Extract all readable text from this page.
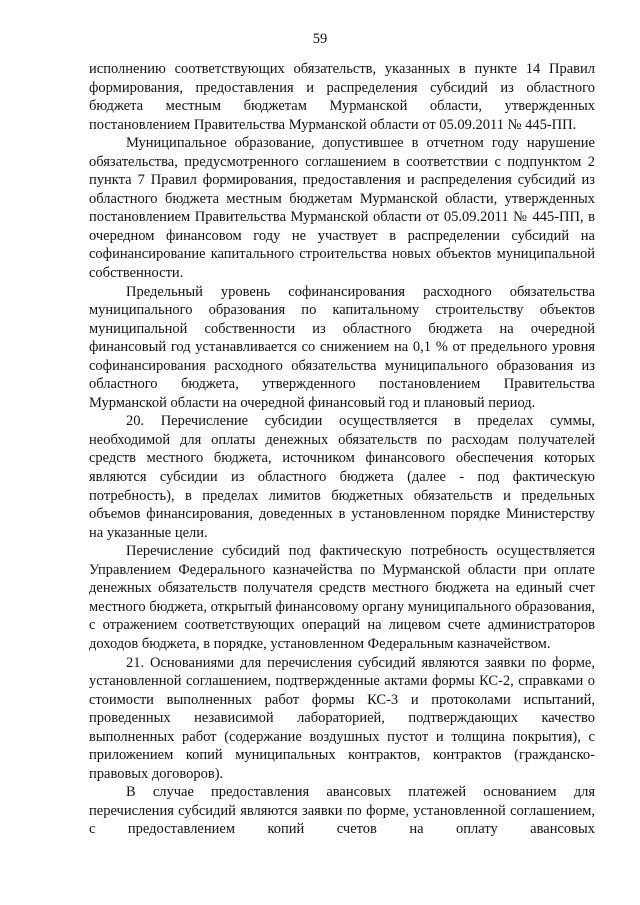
59

исполнению соответствующих обязательств, указанных в пункте 14 Правил формирования, предоставления и распределения субсидий из областного бюджета местным бюджетам Мурманской области, утвержденных постановлением Правительства Мурманской области от 05.09.2011 № 445-ПП.

Муниципальное образование, допустившее в отчетном году нарушение обязательства, предусмотренного соглашением в соответствии с подпунктом 2 пункта 7 Правил формирования, предоставления и распределения субсидий из областного бюджета местным бюджетам Мурманской области, утвержденных постановлением Правительства Мурманской области от 05.09.2011 № 445-ПП, в очередном финансовом году не участвует в распределении субсидий на софинансирование капитального строительства новых объектов муниципальной собственности.

Предельный уровень софинансирования расходного обязательства муниципального образования по капитальному строительству объектов муниципальной собственности из областного бюджета на очередной финансовый год устанавливается со снижением на 0,1 % от предельного уровня софинансирования расходного обязательства муниципального образования из областного бюджета, утвержденного постановлением Правительства Мурманской области на очередной финансовый год и плановый период.

20. Перечисление субсидии осуществляется в пределах суммы, необходимой для оплаты денежных обязательств по расходам получателей средств местного бюджета, источником финансового обеспечения которых являются субсидии из областного бюджета (далее - под фактическую потребность), в пределах лимитов бюджетных обязательств и предельных объемов финансирования, доведенных в установленном порядке Министерству на указанные цели.

Перечисление субсидий под фактическую потребность осуществляется Управлением Федерального казначейства по Мурманской области при оплате денежных обязательств получателя средств местного бюджета на единый счет местного бюджета, открытый финансовому органу муниципального образования, с отражением соответствующих операций на лицевом счете администраторов доходов бюджета, в порядке, установленном Федеральным казначейством.

21. Основаниями для перечисления субсидий являются заявки по форме, установленной соглашением, подтвержденные актами формы КС-2, справками о стоимости выполненных работ формы КС-3 и протоколами испытаний, проведенных независимой лабораторией, подтверждающих качество выполненных работ (содержание воздушных пустот и толщина покрытия), с приложением копий муниципальных контрактов, контрактов (гражданско-правовых договоров).

В случае предоставления авансовых платежей основанием для перечисления субсидий являются заявки по форме, установленной соглашением, с предоставлением копий счетов на оплату авансовых
